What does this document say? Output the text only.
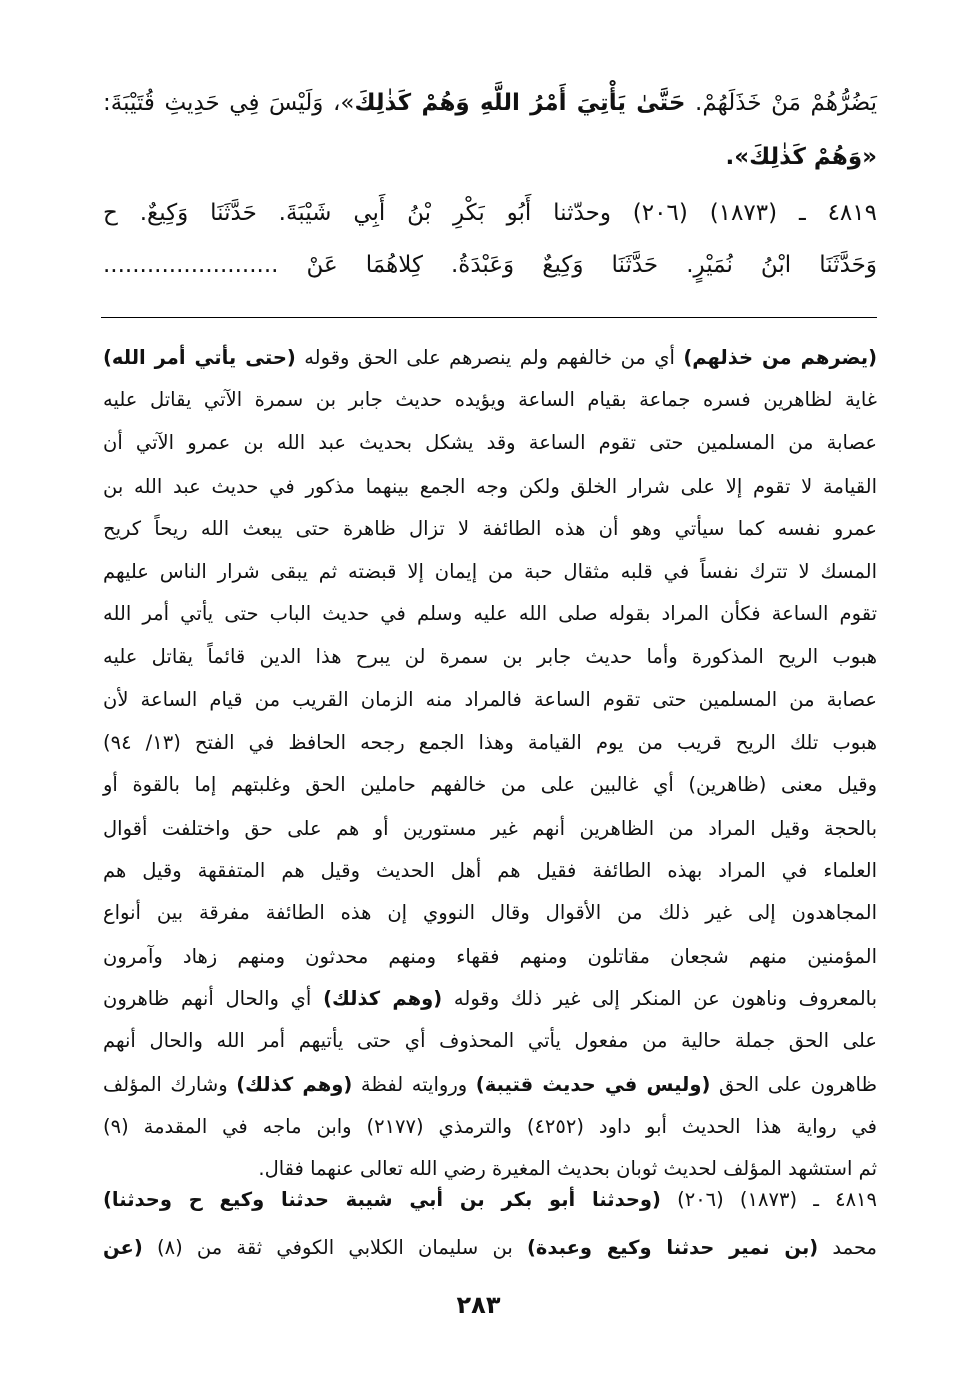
يَضُرُّهُمْ مَنْ خَذَلَهُمْ. حَتَّىٰ يَأْتِيَ أَمْرُ اللَّهِ وَهُمْ كَذٰلِكَ»، وَلَيْسَ فِي حَدِيثِ قُتَيْبَةَ:
«وَهُمْ كَذٰلِكَ».
٤٨١٩ ـ (١٨٧٣) (٢٠٦) وحدّثنا أَبُو بَكْرِ بْنُ أَبِي شَيْبَةَ. حَدَّثَنَا وَكِيعٌ. ح
وَحَدَّثَنَا ابْنُ نُمَيْرٍ. حَدَّثَنَا وَكِيعٌ وَعَبْدَةُ. كِلاهُمَا عَنْ ........................
(يضرهم من خذلهم) أي من خالفهم ولم ينصرهم على الحق وقوله (حتى يأتي أمر الله)
غاية لظاهرين فسره جماعة بقيام الساعة ويؤيده حديث جابر بن سمرة الآتي يقاتل عليه
عصابة من المسلمين حتى تقوم الساعة وقد يشكل بحديث عبد الله بن عمرو الآتي أن
القيامة لا تقوم إلا على شرار الخلق ولكن وجه الجمع بينهما مذكور في حديث عبد الله بن
عمرو نفسه كما سيأتي وهو أن هذه الطائفة لا تزال ظاهرة حتى يبعث الله ريحاً كريح
المسك لا تترك نفساً في قلبه مثقال حبة من إيمان إلا قبضته ثم يبقى شرار الناس عليهم
تقوم الساعة فكأن المراد بقوله صلى الله عليه وسلم في حديث الباب حتى يأتي أمر الله
هبوب الريح المذكورة وأما حديث جابر بن سمرة لن يبرح هذا الدين قائماً يقاتل عليه
عصابة من المسلمين حتى تقوم الساعة فالمراد منه الزمان القريب من قيام الساعة لأن
هبوب تلك الريح قريب من يوم القيامة وهذا الجمع رجحه الحافظ في الفتح (١٣/ ٩٤)
وقيل معنى (ظاهرين) أي غالبين على من خالفهم حاملين الحق وغلبتهم إما بالقوة أو
بالحجة وقيل المراد من الظاهرين أنهم غير مستورين أو هم على حق واختلفت أقوال
العلماء في المراد بهذه الطائفة فقيل هم أهل الحديث وقيل هم المتفقهة وقيل هم
المجاهدون إلى غير ذلك من الأقوال وقال النووي إن هذه الطائفة مفرقة بين أنواع
المؤمنين منهم شجعان مقاتلون ومنهم فقهاء ومنهم محدثون ومنهم زهاد وآمرون
بالمعروف وناهون عن المنكر إلى غير ذلك وقوله (وهم كذلك) أي والحال أنهم ظاهرون
على الحق جملة حالية من مفعول يأتي المحذوف أي حتى يأتيهم أمر الله والحال أنهم
ظاهرون على الحق (وليس في حديث قتيبة) وروايته لفظة (وهم كذلك) وشارك المؤلف
في رواية هذا الحديث أبو داود (٤٢٥٢) والترمذي (٢١٧٧) وابن ماجه في المقدمة (٩)
ثم استشهد المؤلف لحديث ثوبان بحديث المغيرة رضي الله تعالى عنهما فقال.
٤٨١٩ ـ (١٨٧٣) (٢٠٦) (وحدثنا أبو بكر بن أبي شيبة حدثنا وكيع ح وحدثنا)
محمد (بن نمير حدثنا وكيع وعبدة) بن سليمان الكلابي الكوفي ثقة من (٨) (عن
٢٨٣
